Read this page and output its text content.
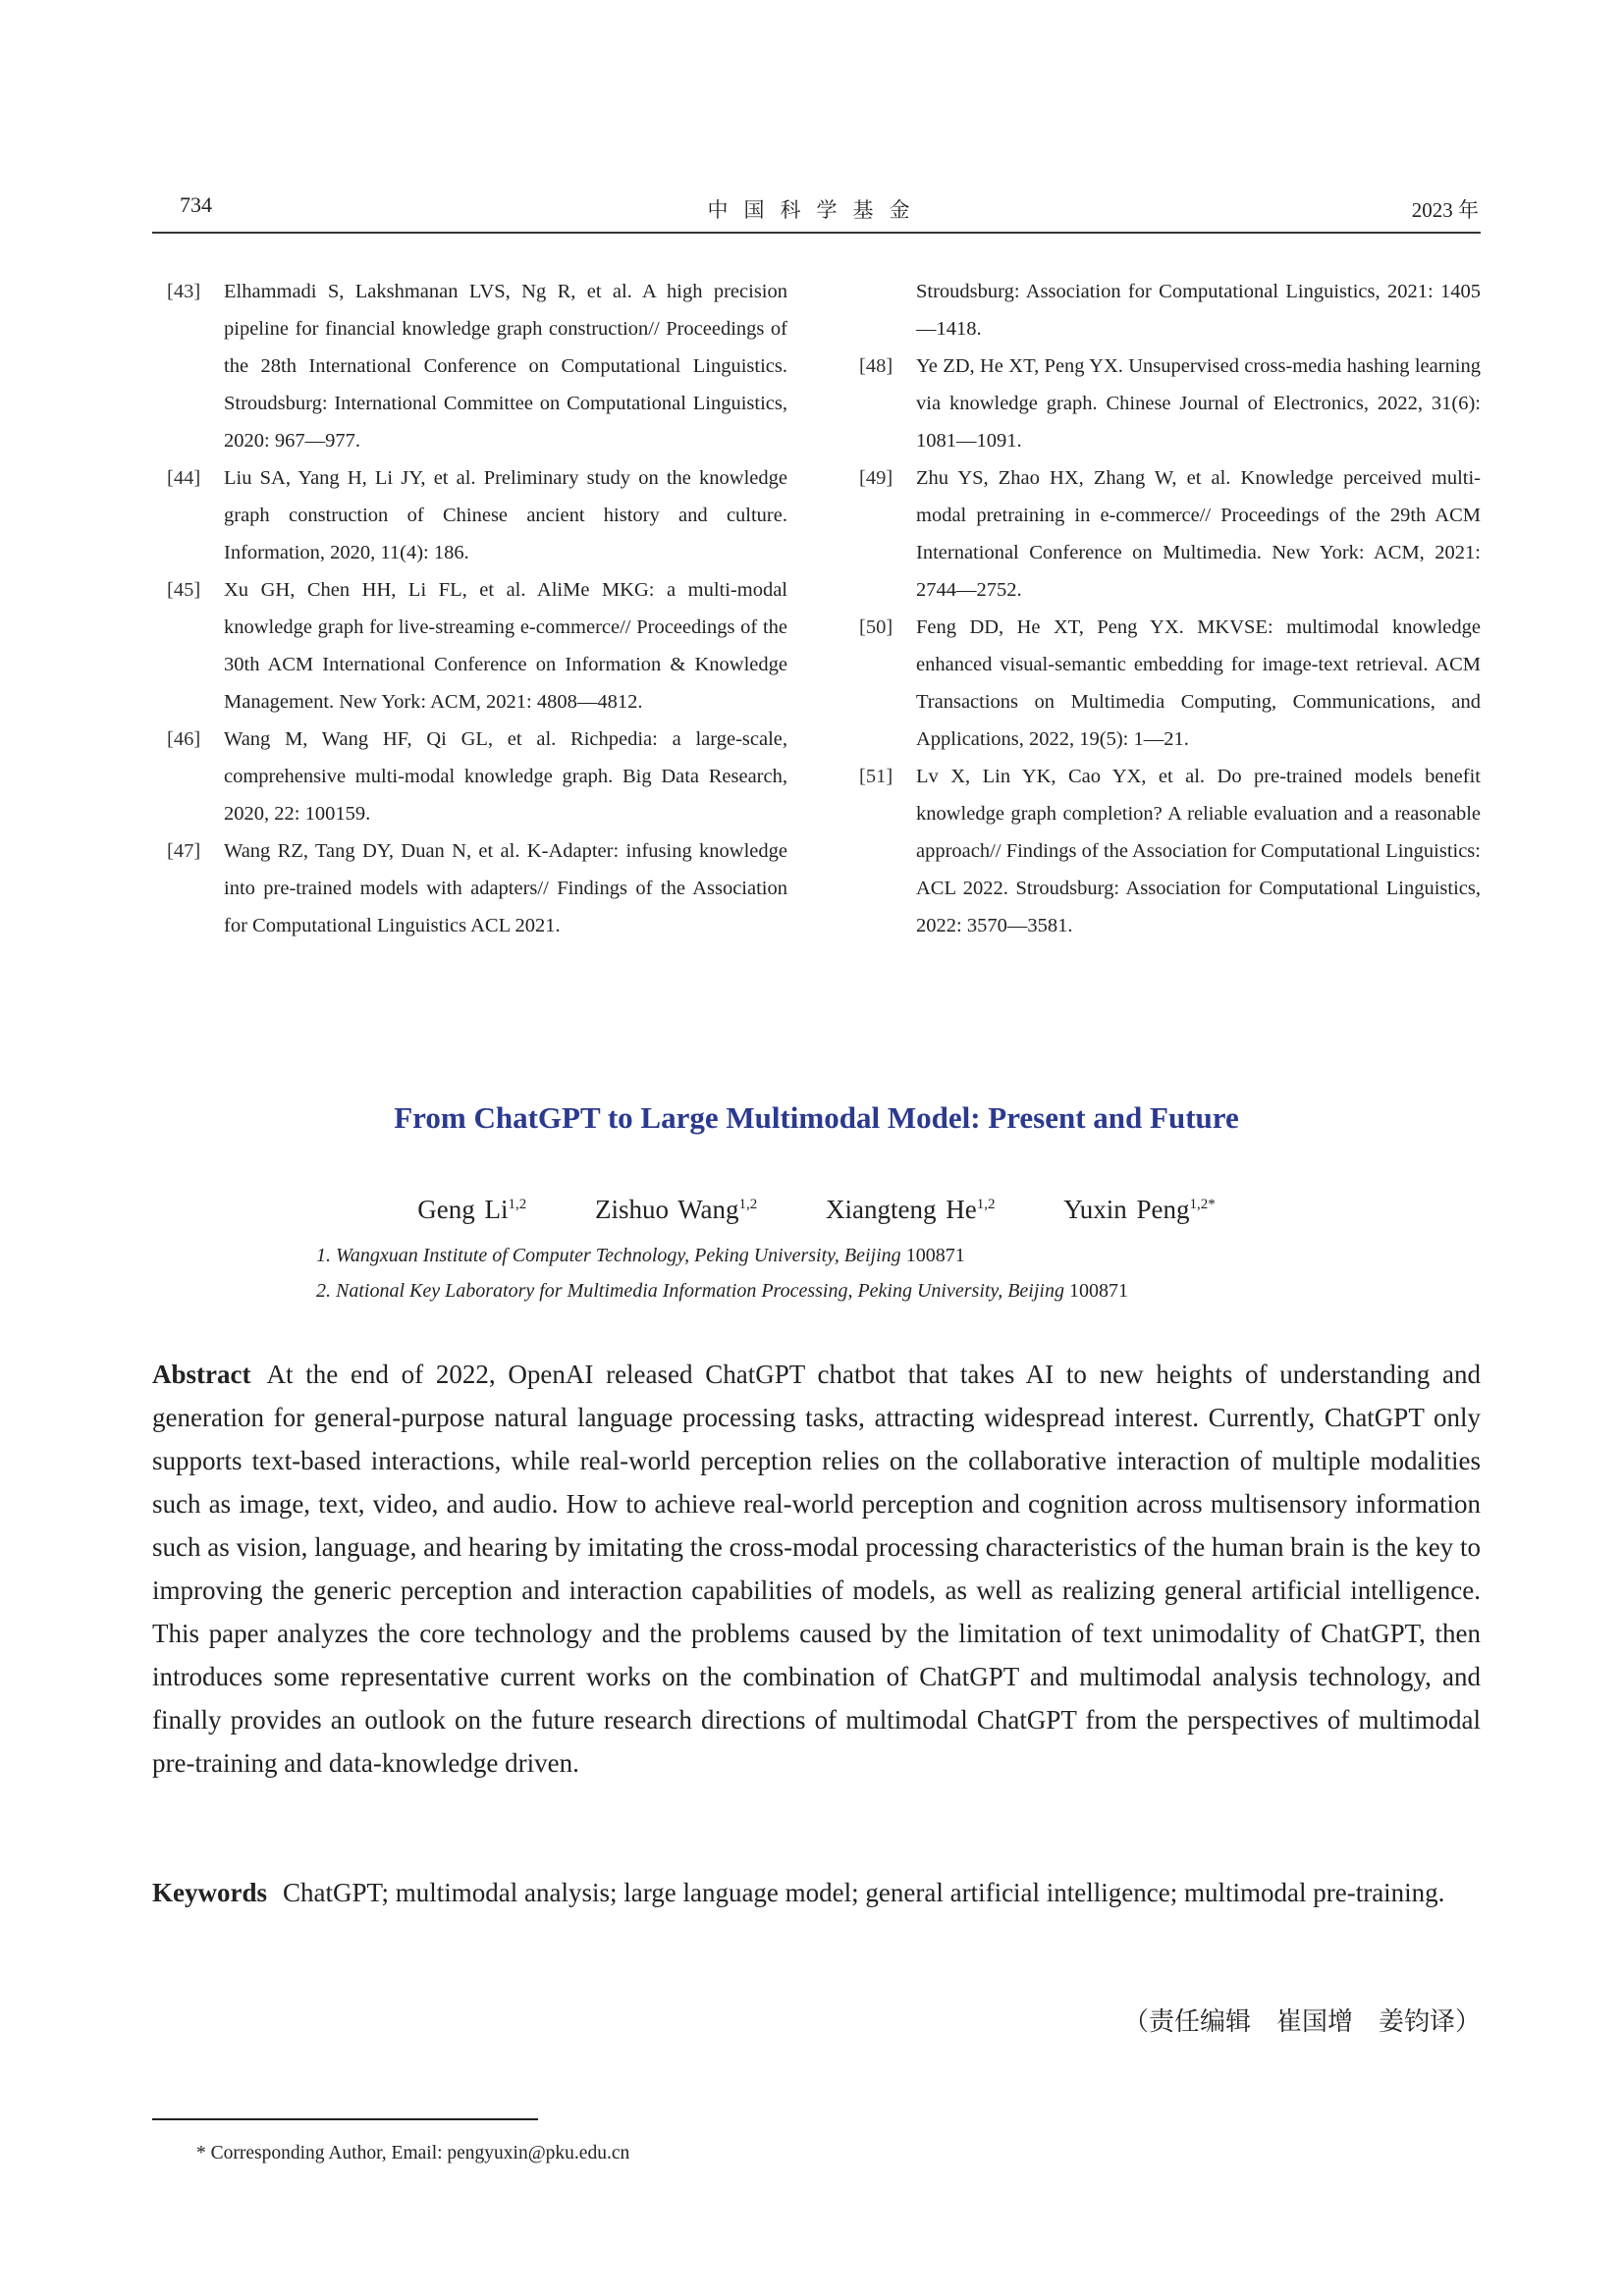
734	中国科学基金	2023 年

[43] Elhammadi S, Lakshmanan LVS, Ng R, et al. A high precision pipeline for financial knowledge graph construction// Proceedings of the 28th International Conference on Computational Linguistics. Stroudsburg: International Committee on Computational Linguistics, 2020: 967—977.

[44] Liu SA, Yang H, Li JY, et al. Preliminary study on the knowledge graph construction of Chinese ancient history and culture. Information, 2020, 11(4): 186.

[45] Xu GH, Chen HH, Li FL, et al. AliMe MKG: a multi-modal knowledge graph for live-streaming e-commerce// Proceedings of the 30th ACM International Conference on Information & Knowledge Management. New York: ACM, 2021: 4808—4812.

[46] Wang M, Wang HF, Qi GL, et al. Richpedia: a large-scale, comprehensive multi-modal knowledge graph. Big Data Research, 2020, 22: 100159.

[47] Wang RZ, Tang DY, Duan N, et al. K-Adapter: infusing knowledge into pre-trained models with adapters// Findings of the Association for Computational Linguistics ACL 2021.

Stroudsburg: Association for Computational Linguistics, 2021: 1405—1418.

[48] Ye ZD, He XT, Peng YX. Unsupervised cross-media hashing learning via knowledge graph. Chinese Journal of Electronics, 2022, 31(6): 1081—1091.

[49] Zhu YS, Zhao HX, Zhang W, et al. Knowledge perceived multi-modal pretraining in e-commerce// Proceedings of the 29th ACM International Conference on Multimedia. New York: ACM, 2021: 2744—2752.

[50] Feng DD, He XT, Peng YX. MKVSE: multimodal knowledge enhanced visual-semantic embedding for image-text retrieval. ACM Transactions on Multimedia Computing, Communications, and Applications, 2022, 19(5): 1—21.

[51] Lv X, Lin YK, Cao YX, et al. Do pre-trained models benefit knowledge graph completion? A reliable evaluation and a reasonable approach// Findings of the Association for Computational Linguistics: ACL 2022. Stroudsburg: Association for Computational Linguistics, 2022: 3570—3581.

From ChatGPT to Large Multimodal Model: Present and Future
Geng Li$^{1,2}$	Zishuo Wang$^{1,2}$	Xiangteng He$^{1,2}$	Yuxin Peng$^{1,2*}$
1. Wangxuan Institute of Computer Technology, Peking University, Beijing 100871
2. National Key Laboratory for Multimedia Information Processing, Peking University, Beijing 100871
Abstract At the end of 2022, OpenAI released ChatGPT chatbot that takes AI to new heights of understanding and generation for general-purpose natural language processing tasks, attracting widespread interest. Currently, ChatGPT only supports text-based interactions, while real-world perception relies on the collaborative interaction of multiple modalities such as image, text, video, and audio. How to achieve real-world perception and cognition across multisensory information such as vision, language, and hearing by imitating the cross-modal processing characteristics of the human brain is the key to improving the generic perception and interaction capabilities of models, as well as realizing general artificial intelligence. This paper analyzes the core technology and the problems caused by the limitation of text unimodality of ChatGPT, then introduces some representative current works on the combination of ChatGPT and multimodal analysis technology, and finally provides an outlook on the future research directions of multimodal ChatGPT from the perspectives of multimodal pre-training and data-knowledge driven.
Keywords ChatGPT; multimodal analysis; large language model; general artificial intelligence; multimodal pre-training.
（责任编辑　崔国增　姜钧译）
* Corresponding Author, Email: pengyuxin@pku.edu.cn
